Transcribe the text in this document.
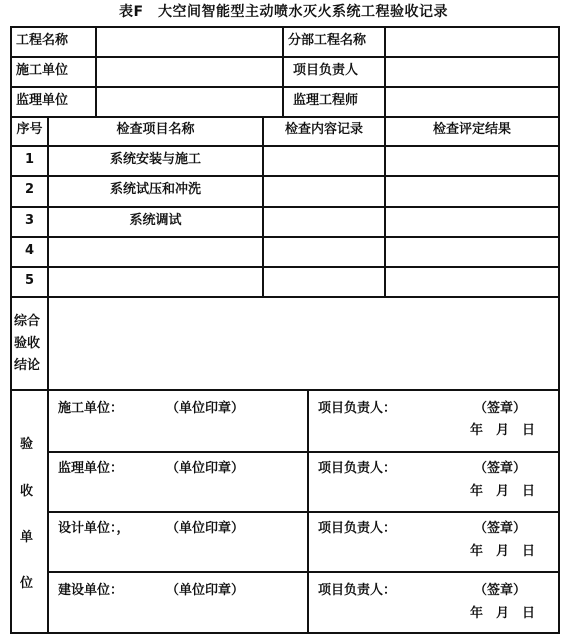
表F　大空间智能型主动喷水灭火系统工程验收记录
工程名称	分部工程名称
施工单位	项目负责人
监理单位	监理工程师
序号	检查项目名称	检查内容记录	检查评定结果
1	系统安装与施工
2	系统试压和冲洗
3	系统调试
4
5
综合
验收
结论
验
收
单
位
施工单位：	（单位印章）	项目负责人：	（签章）
年　月　日
监理单位：	（单位印章）	项目负责人：	（签章）
年　月　日
设计单位：，	（单位印章）	项目负责人：	（签章）
年　月　日
建设单位：	（单位印章）	项目负责人：	（签章）
年　月　日
